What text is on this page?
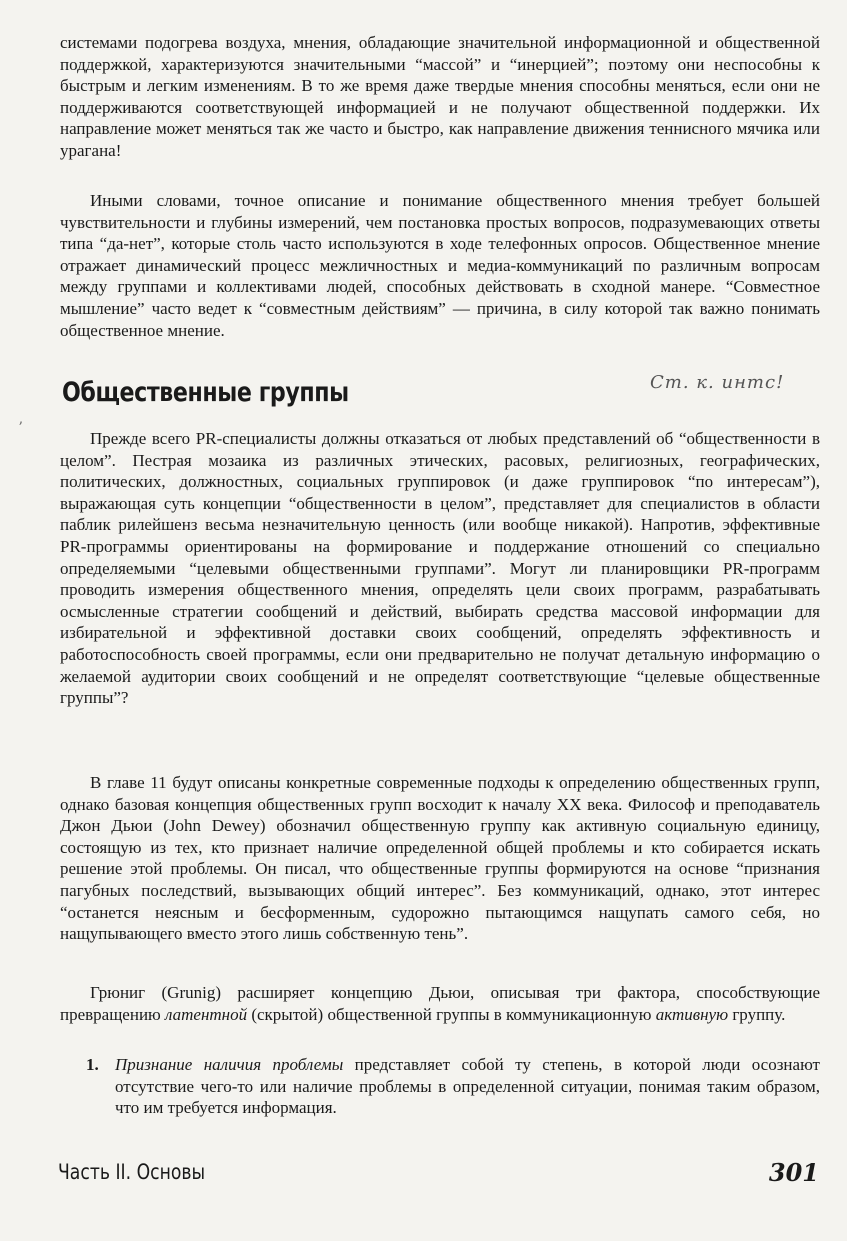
системами подогрева воздуха, мнения, обладающие значительной информационной и общественной поддержкой, характеризуются значительными “массой” и “инерцией”; поэтому они неспособны к быстрым и легким изменениям. В то же время даже твердые мнения способны меняться, если они не поддерживаются соответствующей информацией и не получают общественной поддержки. Их направление может меняться так же часто и быстро, как направление движения теннисного мячика или урагана!

Иными словами, точное описание и понимание общественного мнения требует большей чувствительности и глубины измерений, чем постановка простых вопросов, подразумевающих ответы типа “да-нет”, которые столь часто используются в ходе телефонных опросов. Общественное мнение отражает динамический процесс межличностных и медиа-коммуникаций по различным вопросам между группами и коллективами людей, способных действовать в сходной манере. “Совместное мышление” часто ведет к “совместным действиям” — причина, в силу которой так важно понимать общественное мнение.

Общественные группы	Ст. к. интс!
ʼ

Прежде всего PR-специалисты должны отказаться от любых представлений об “общественности в целом”. Пестрая мозаика из различных этических, расовых, религиозных, географических, политических, должностных, социальных группировок (и даже группировок “по интересам”), выражающая суть концепции “общественности в целом”, представляет для специалистов в области паблик рилейшенз весьма незначительную ценность (или вообще никакой). Напротив, эффективные PR-программы ориентированы на формирование и поддержание отношений со специально определяемыми “целевыми общественными группами”. Могут ли планировщики PR-программ проводить измерения общественного мнения, определять цели своих программ, разрабатывать осмысленные стратегии сообщений и действий, выбирать средства массовой информации для избирательной и эффективной доставки своих сообщений, определять эффективность и работоспособность своей программы, если они предварительно не получат детальную информацию о желаемой аудитории своих сообщений и не определят соответствующие “целевые общественные группы”?

В главе 11 будут описаны конкретные современные подходы к определению общественных групп, однако базовая концепция общественных групп восходит к началу XX века. Философ и преподаватель Джон Дьюи (John Dewey) обозначил общественную группу как активную социальную единицу, состоящую из тех, кто признает наличие определенной общей проблемы и кто собирается искать решение этой проблемы. Он писал, что общественные группы формируются на основе “признания пагубных последствий, вызывающих общий интерес”. Без коммуникаций, однако, этот интерес “останется неясным и бесформенным, судорожно пытающимся нащупать самого себя, но нащупывающего вместо этого лишь собственную тень”.

Грюниг (Grunig) расширяет концепцию Дьюи, описывая три фактора, способствующие превращению латентной (скрытой) общественной группы в коммуникационную активную группу.

1. Признание наличия проблемы представляет собой ту степень, в которой люди осознают отсутствие чего-то или наличие проблемы в определенной ситуации, понимая таким образом, что им требуется информация.
Часть II. Основы	301
